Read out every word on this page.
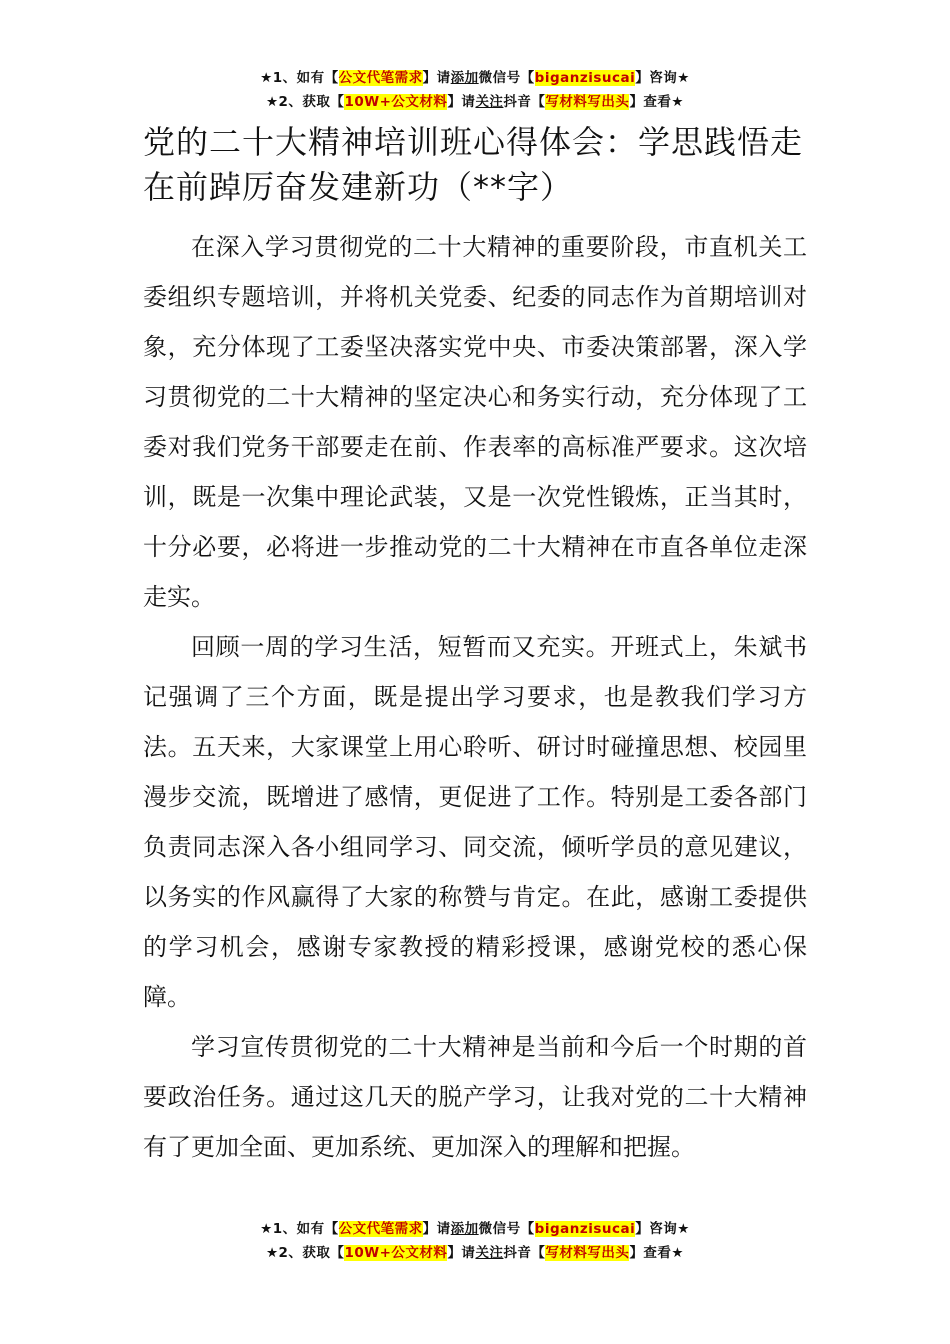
★1、如有【公文代笔需求】请添加微信号【biganzisucai】咨询★
★2、获取【10W+公文材料】请关注抖音【写材料写出头】查看★
党的二十大精神培训班心得体会：学思践悟走在前踔厉奋发建新功（**字）

在深入学习贯彻党的二十大精神的重要阶段，市直机关工委组织专题培训，并将机关党委、纪委的同志作为首期培训对象，充分体现了工委坚决落实党中央、市委决策部署，深入学习贯彻党的二十大精神的坚定决心和务实行动，充分体现了工委对我们党务干部要走在前、作表率的高标准严要求。这次培训，既是一次集中理论武装，又是一次党性锻炼，正当其时，十分必要，必将进一步推动党的二十大精神在市直各单位走深走实。

回顾一周的学习生活，短暂而又充实。开班式上，朱斌书记强调了三个方面，既是提出学习要求，也是教我们学习方法。五天来，大家课堂上用心聆听、研讨时碰撞思想、校园里漫步交流，既增进了感情，更促进了工作。特别是工委各部门负责同志深入各小组同学习、同交流，倾听学员的意见建议，以务实的作风赢得了大家的称赞与肯定。在此，感谢工委提供的学习机会，感谢专家教授的精彩授课，感谢党校的悉心保障。

学习宣传贯彻党的二十大精神是当前和今后一个时期的首要政治任务。通过这几天的脱产学习，让我对党的二十大精神有了更加全面、更加系统、更加深入的理解和把握。

★1、如有【公文代笔需求】请添加微信号【biganzisucai】咨询★
★2、获取【10W+公文材料】请关注抖音【写材料写出头】查看★
